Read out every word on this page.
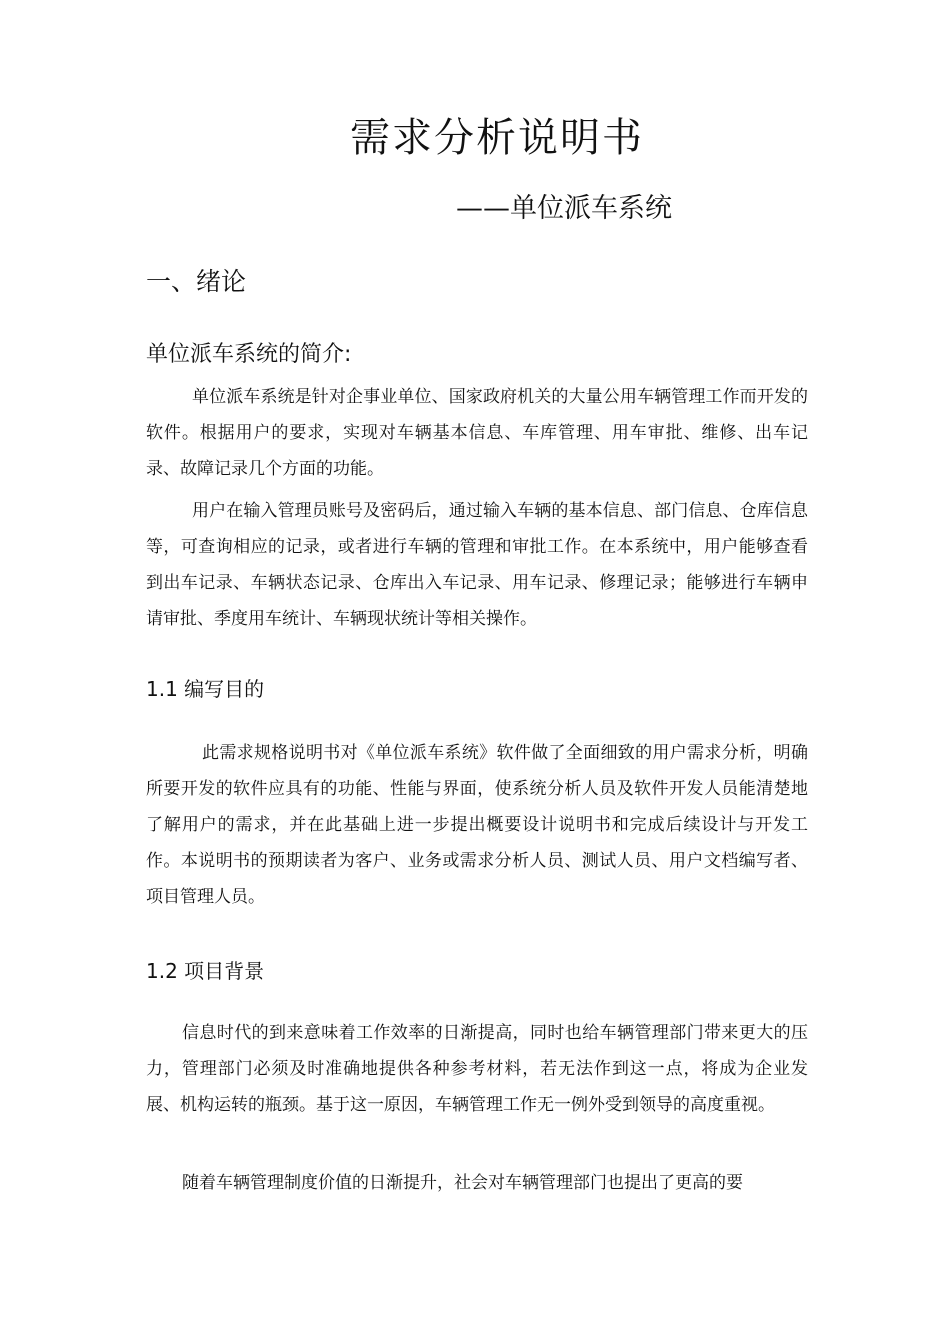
需求分析说明书
——单位派车系统
一、绪论
单位派车系统的简介:

单位派车系统是针对企事业单位、国家政府机关的大量公用车辆管理工作而开发的软件。根据用户的要求，实现对车辆基本信息、车库管理、用车审批、维修、出车记录、故障记录几个方面的功能。

用户在输入管理员账号及密码后，通过输入车辆的基本信息、部门信息、仓库信息等，可查询相应的记录，或者进行车辆的管理和审批工作。在本系统中，用户能够查看到出车记录、车辆状态记录、仓库出入车记录、用车记录、修理记录；能够进行车辆申请审批、季度用车统计、车辆现状统计等相关操作。

1.1 编写目的

此需求规格说明书对《单位派车系统》软件做了全面细致的用户需求分析，明确所要开发的软件应具有的功能、性能与界面，使系统分析人员及软件开发人员能清楚地了解用户的需求，并在此基础上进一步提出概要设计说明书和完成后续设计与开发工作。本说明书的预期读者为客户、业务或需求分析人员、测试人员、用户文档编写者、项目管理人员。

1.2 项目背景

信息时代的到来意味着工作效率的日渐提高，同时也给车辆管理部门带来更大的压力，管理部门必须及时准确地提供各种参考材料，若无法作到这一点，将成为企业发展、机构运转的瓶颈。基于这一原因，车辆管理工作无一例外受到领导的高度重视。

随着车辆管理制度价值的日渐提升，社会对车辆管理部门也提出了更高的要
